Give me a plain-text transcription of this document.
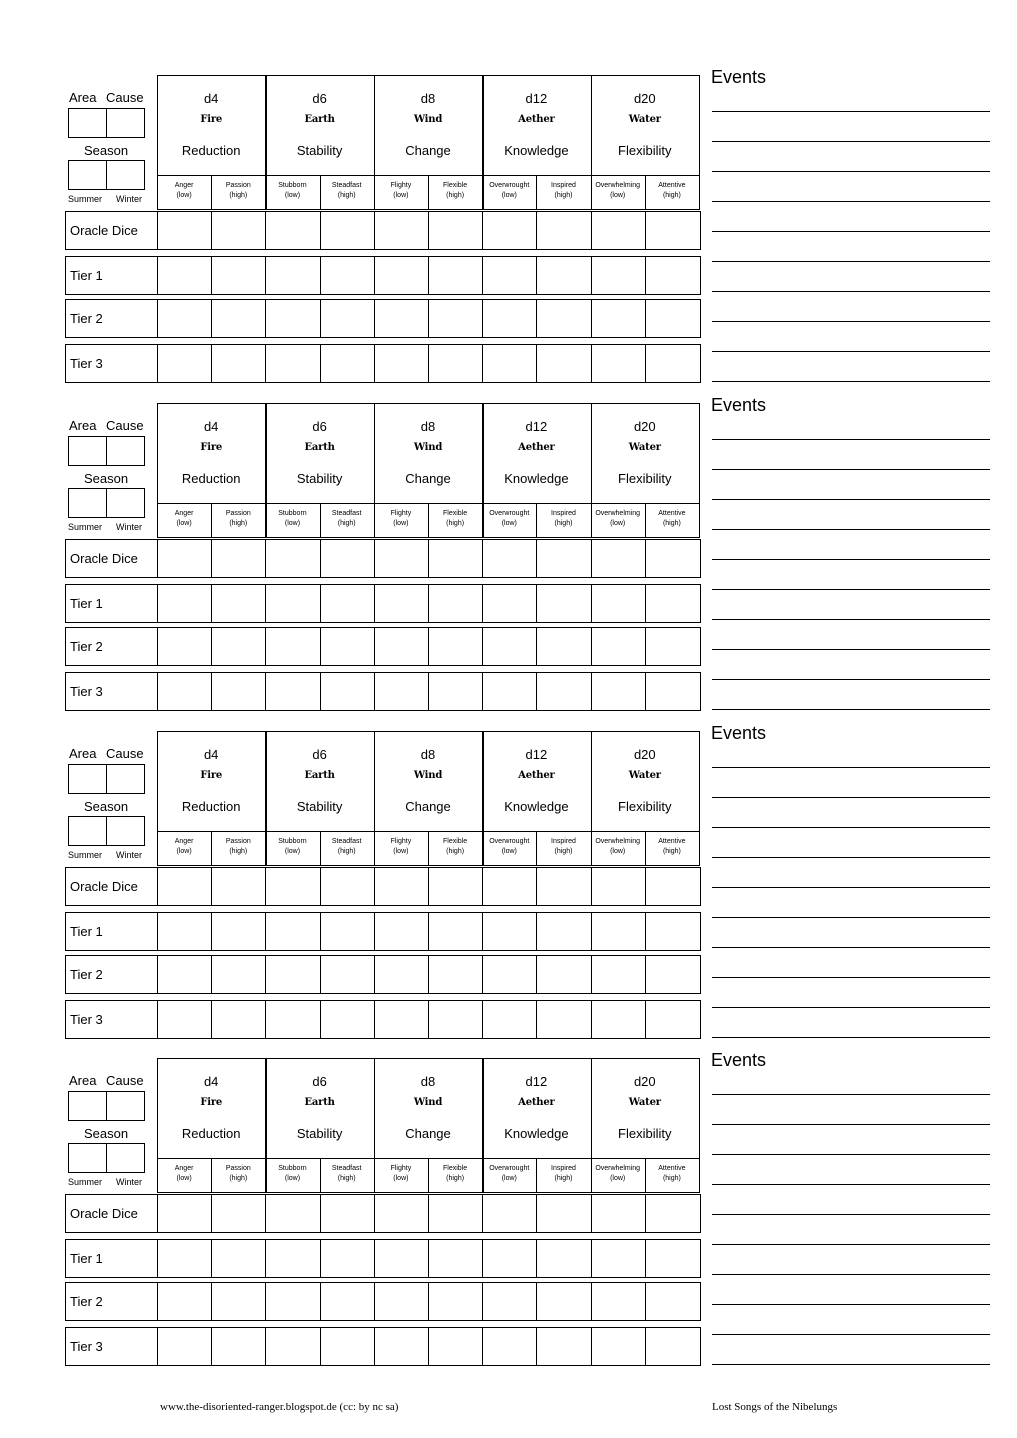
d4
Fire
Reduction
Anger
(low)
Passion
(high)
d6
Earth
Stability
Stubborn
(low)
Steadfast
(high)
d8
Wind
Change
Flighty
(low)
Flexible
(high)
d12
Aether
Knowledge
Overwrought
(low)
Inspired
(high)
d20
Water
Flexibility
Overwhelming
(low)
Attentive
(high)
Area Cause
Season
Summer Winter
Oracle Dice
Tier 1
Tier 2
Tier 3
Events
d4
Fire
Reduction
Anger
(low)
Passion
(high)
d6
Earth
Stability
Stubborn
(low)
Steadfast
(high)
d8
Wind
Change
Flighty
(low)
Flexible
(high)
d12
Aether
Knowledge
Overwrought
(low)
Inspired
(high)
d20
Water
Flexibility
Overwhelming
(low)
Attentive
(high)
Area Cause
Season
Summer Winter
Oracle Dice
Tier 1
Tier 2
Tier 3
Events
d4
Fire
Reduction
Anger
(low)
Passion
(high)
d6
Earth
Stability
Stubborn
(low)
Steadfast
(high)
d8
Wind
Change
Flighty
(low)
Flexible
(high)
d12
Aether
Knowledge
Overwrought
(low)
Inspired
(high)
d20
Water
Flexibility
Overwhelming
(low)
Attentive
(high)
Area Cause
Season
Summer Winter
Oracle Dice
Tier 1
Tier 2
Tier 3
Events
d4
Fire
Reduction
Anger
(low)
Passion
(high)
d6
Earth
Stability
Stubborn
(low)
Steadfast
(high)
d8
Wind
Change
Flighty
(low)
Flexible
(high)
d12
Aether
Knowledge
Overwrought
(low)
Inspired
(high)
d20
Water
Flexibility
Overwhelming
(low)
Attentive
(high)
Area Cause
Season
Summer Winter
Oracle Dice
Tier 1
Tier 2
Tier 3
Events
www.the-disoriented-ranger.blogspot.de (cc: by nc sa)	Lost Songs of the Nibelungs
